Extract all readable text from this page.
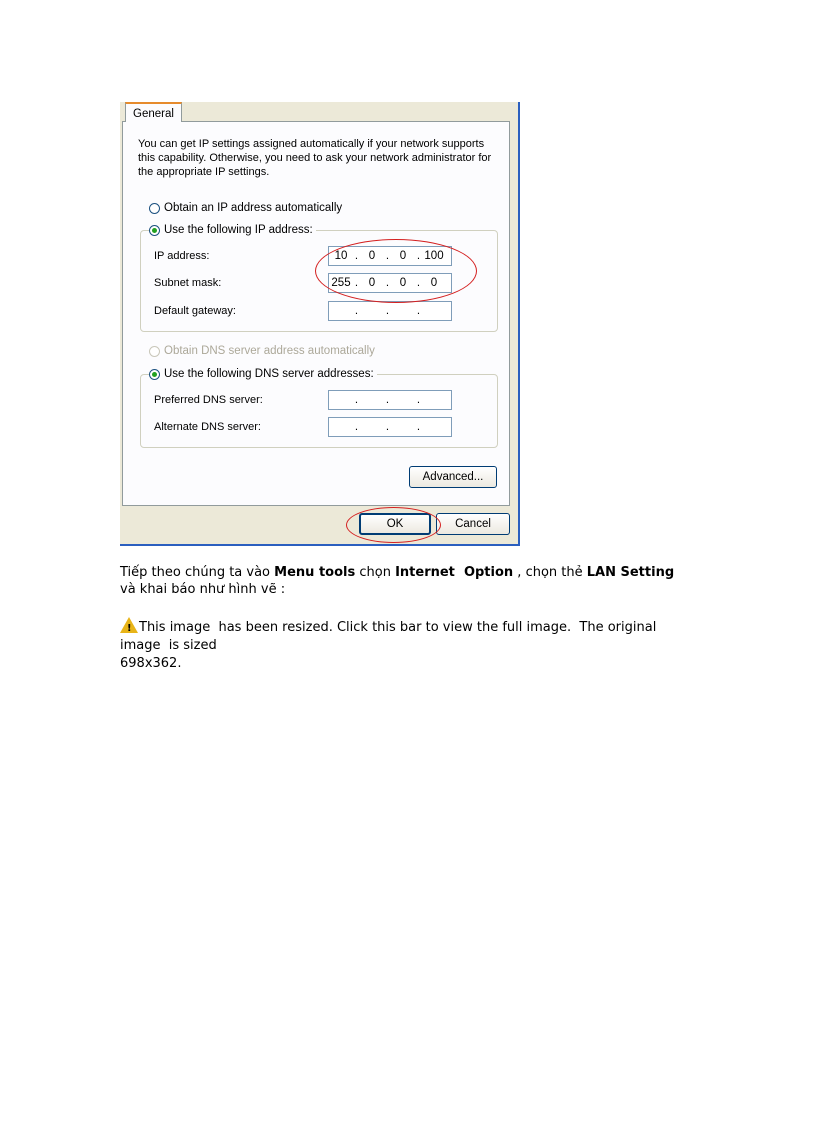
General
You can get IP settings assigned automatically if your network supports this capability. Otherwise, you need to ask your network administrator for the appropriate IP settings.
Obtain an IP address automatically
Use the following IP address:
IP address:	10 . 0 . 0 . 100
Subnet mask:	255 . 0 . 0 . 0
Default gateway:	. . .
Obtain DNS server address automatically
Use the following DNS server addresses:
Preferred DNS server:	. . .
Alternate DNS server:	. . .
Advanced...
OK	Cancel
Tiếp theo chúng ta vào Menu tools chọn Internet  Option , chọn thẻ LAN Setting
và khai báo như hình vẽ :
! This image  has been resized. Click this bar to view the full image.  The original image  is sized
698x362.
